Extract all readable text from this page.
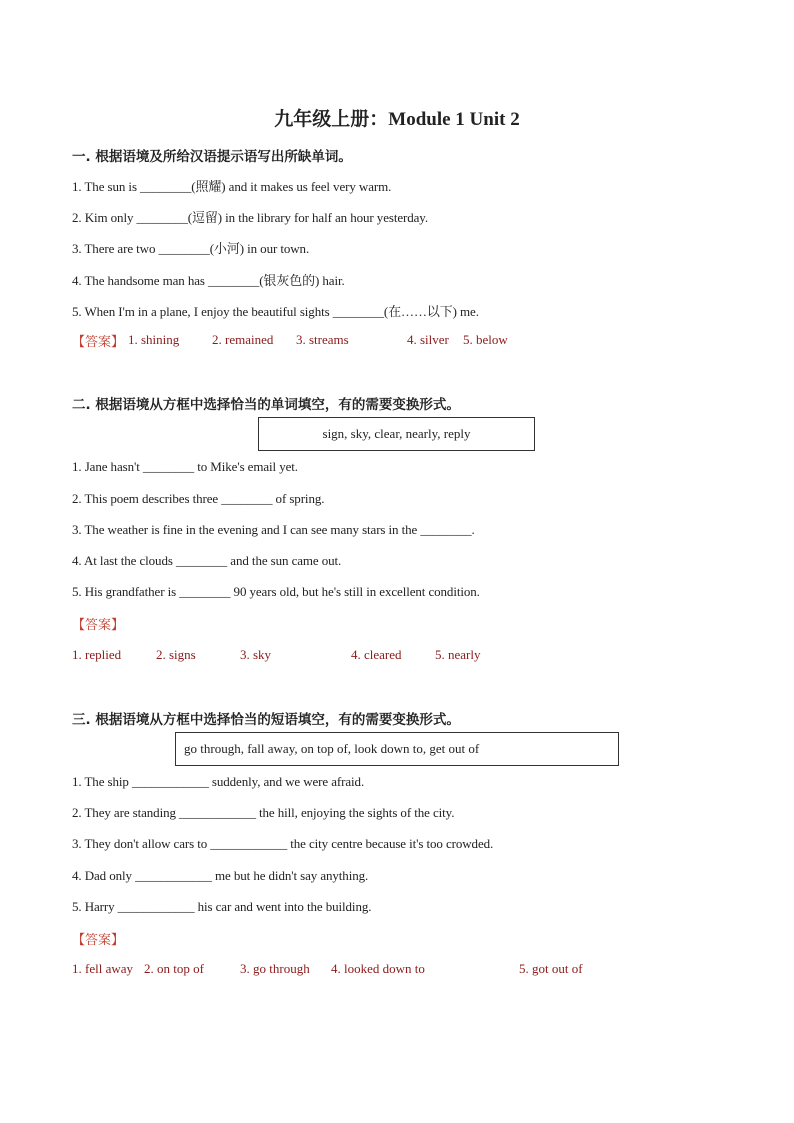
九年级上册：Module 1 Unit 2
一. 根据语境及所给汉语提示语写出所缺单词。
1. The sun is ________(照耀) and it makes us feel very warm.
2. Kim only ________(逗留) in the library for half an hour yesterday.
3. There are two ________(小河) in our town.
4. The handsome man has ________(银灰色的) hair.
5. When I'm in a plane, I enjoy the beautiful sights ________(在……以下) me.
【答案】 1. shining	2. remained 3. streams	4. silver 5. below
二. 根据语境从方框中选择恰当的单词填空，有的需要变换形式。
sign, sky, clear, nearly, reply
1. Jane hasn't ________ to Mike's email yet.
2. This poem describes three ________ of spring.
3. The weather is fine in the evening and I can see many stars in the ________.
4. At last the clouds ________ and the sun came out.
5. His grandfather is ________ 90 years old, but he's still in excellent condition.
【答案】
1. replied	2. signs	3. sky	4. cleared	5. nearly
三. 根据语境从方框中选择恰当的短语填空，有的需要变换形式。
go through, fall away, on top of, look down to, get out of
1. The ship ____________ suddenly, and we were afraid.
2. They are standing ____________ the hill, enjoying the sights of the city.
3. They don't allow cars to ____________ the city centre because it's too crowded.
4. Dad only ____________ me but he didn't say anything.
5. Harry ____________ his car and went into the building.
【答案】
1. fell away 2. on top of	3. go through 4. looked down to	5. got out of
